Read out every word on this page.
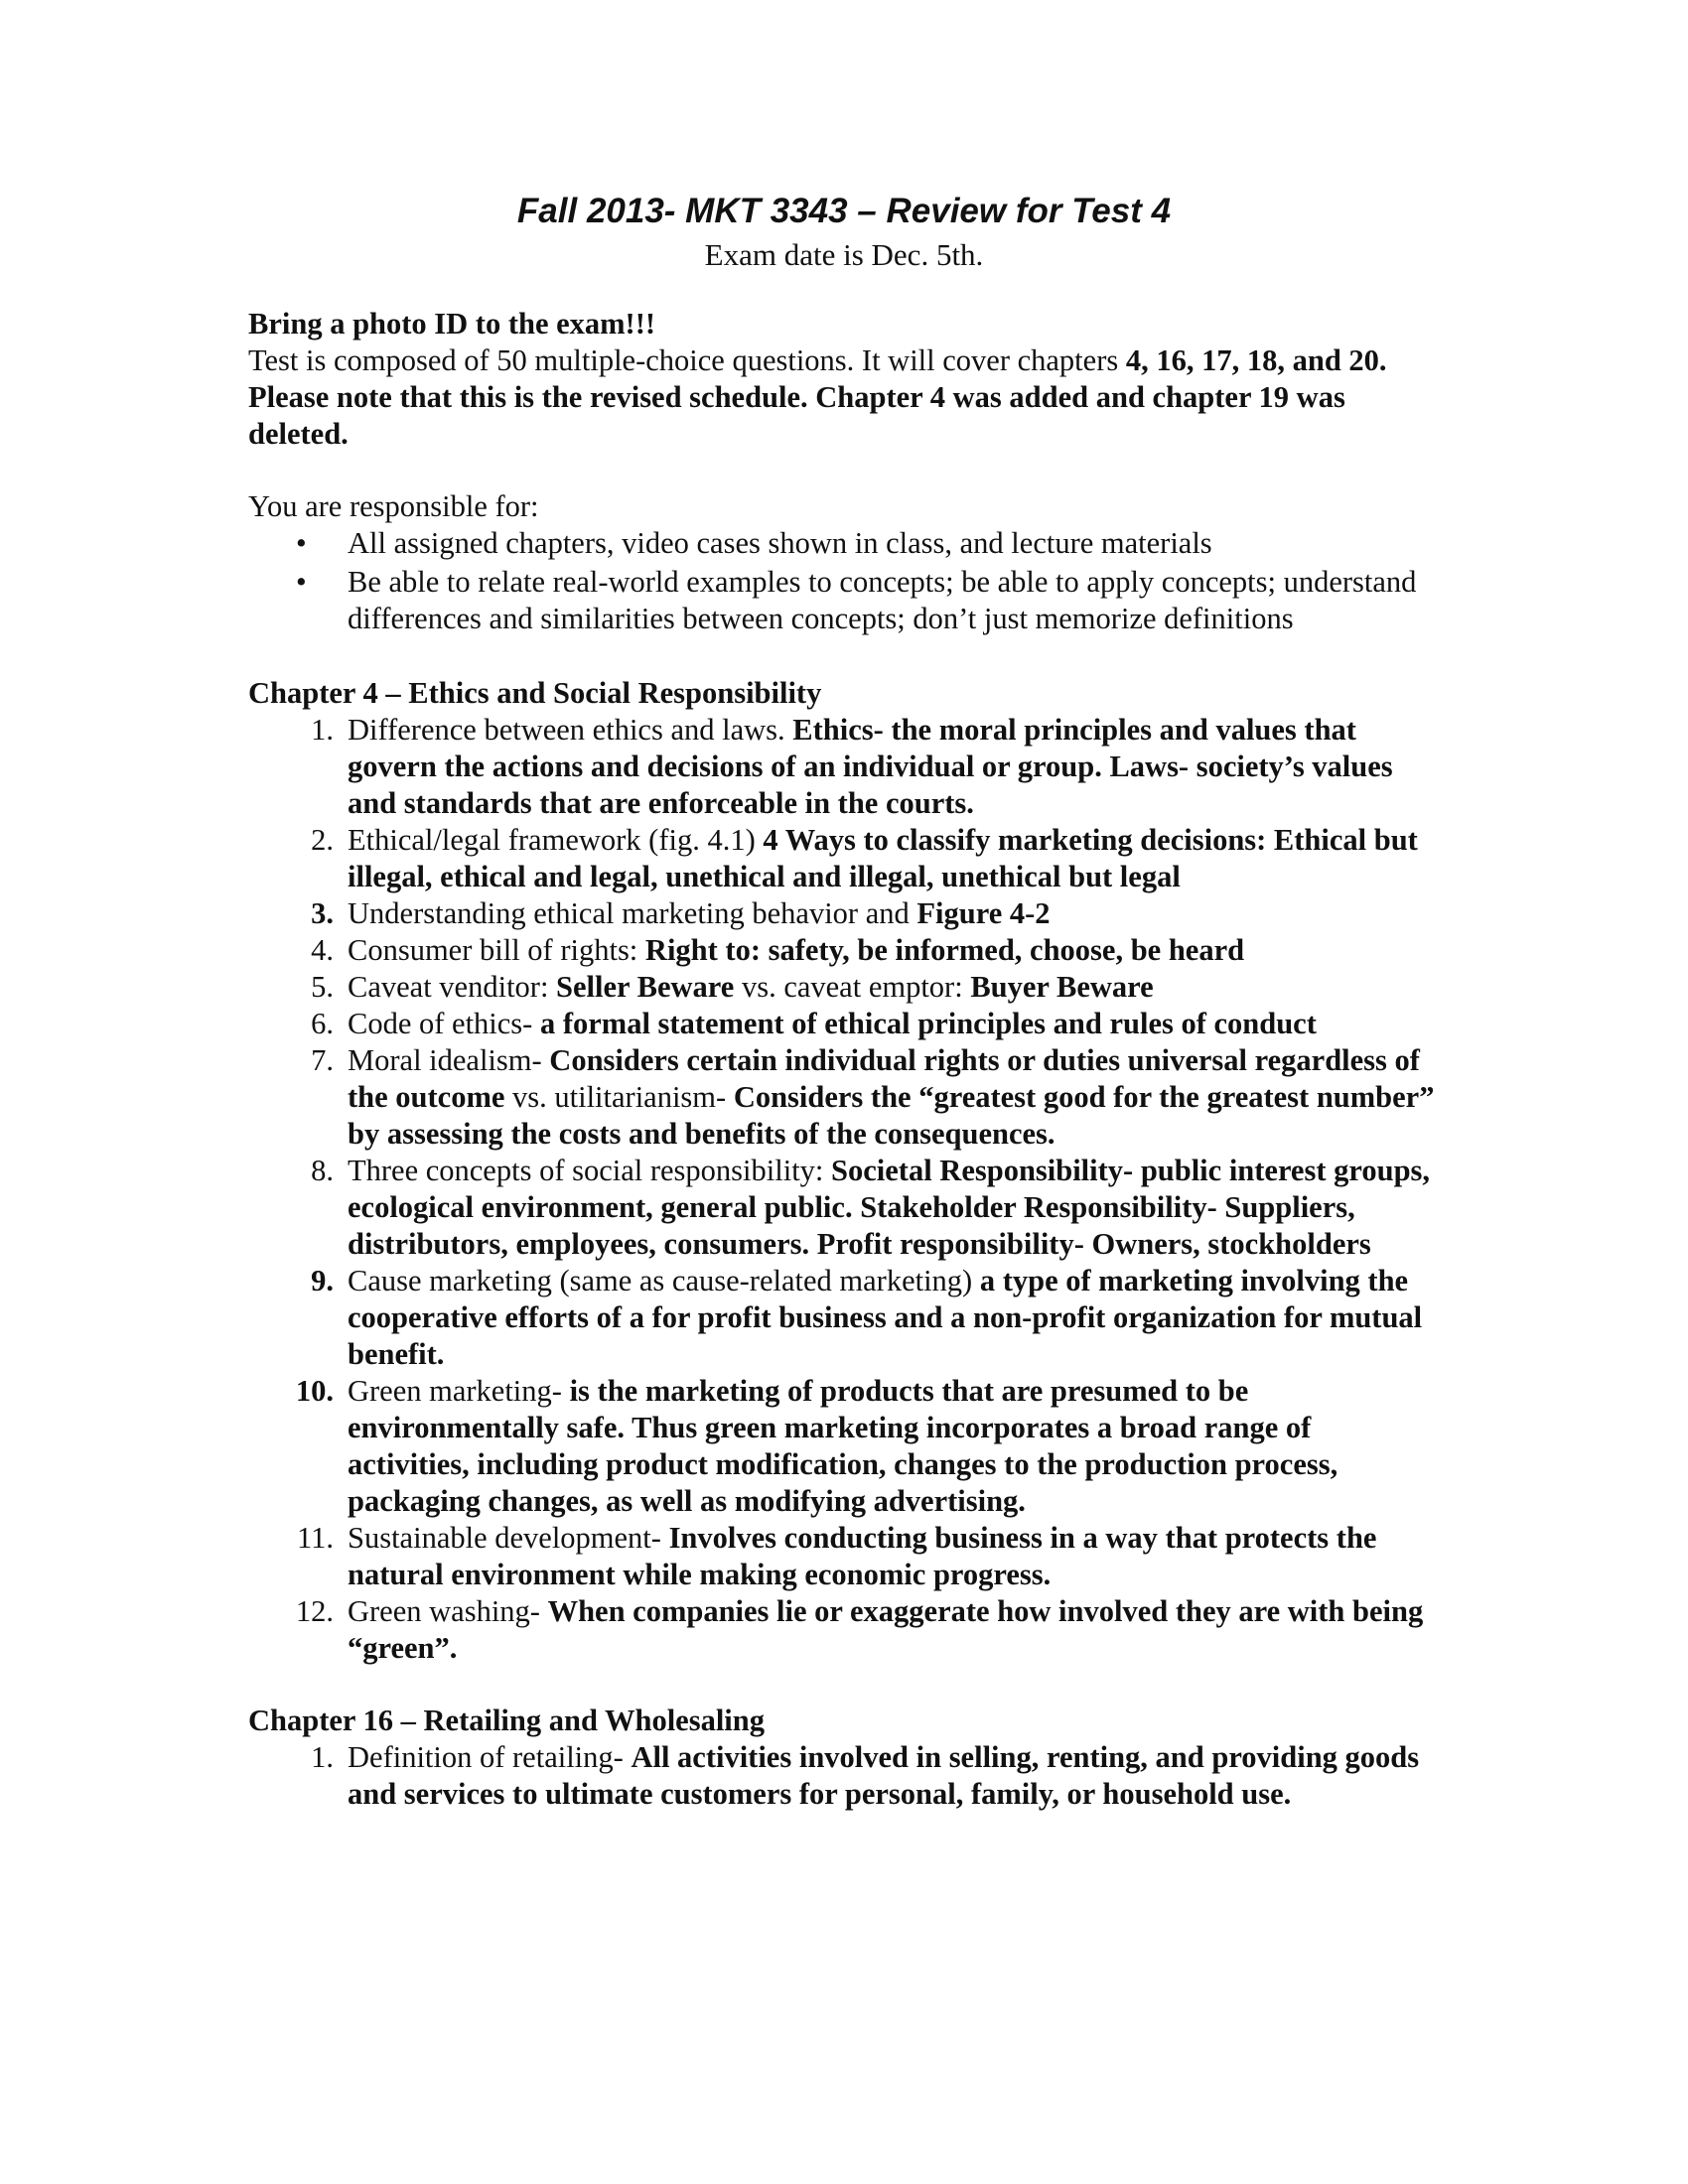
Fall 2013- MKT 3343 – Review for Test 4

Exam date is Dec. 5th.

Bring a photo ID to the exam!!!

Test is composed of 50 multiple-choice questions. It will cover chapters 4, 16, 17, 18, and 20. Please note that this is the revised schedule. Chapter 4 was added and chapter 19 was deleted.

You are responsible for:

• All assigned chapters, video cases shown in class, and lecture materials
• Be able to relate real-world examples to concepts; be able to apply concepts; understand differences and similarities between concepts; don’t just memorize definitions

Chapter 4 – Ethics and Social Responsibility

1. Difference between ethics and laws. Ethics- the moral principles and values that govern the actions and decisions of an individual or group. Laws- society’s values and standards that are enforceable in the courts.
2. Ethical/legal framework (fig. 4.1) 4 Ways to classify marketing decisions: Ethical but illegal, ethical and legal, unethical and illegal, unethical but legal
3. Understanding ethical marketing behavior and Figure 4-2
4. Consumer bill of rights: Right to: safety, be informed, choose, be heard
5. Caveat venditor: Seller Beware vs. caveat emptor: Buyer Beware
6. Code of ethics- a formal statement of ethical principles and rules of conduct
7. Moral idealism- Considers certain individual rights or duties universal regardless of the outcome vs. utilitarianism- Considers the “greatest good for the greatest number” by assessing the costs and benefits of the consequences.
8. Three concepts of social responsibility: Societal Responsibility- public interest groups, ecological environment, general public. Stakeholder Responsibility- Suppliers, distributors, employees, consumers. Profit responsibility- Owners, stockholders
9. Cause marketing (same as cause-related marketing) a type of marketing involving the cooperative efforts of a for profit business and a non-profit organization for mutual benefit.
10. Green marketing- is the marketing of products that are presumed to be environmentally safe. Thus green marketing incorporates a broad range of activities, including product modification, changes to the production process, packaging changes, as well as modifying advertising.
11. Sustainable development- Involves conducting business in a way that protects the natural environment while making economic progress.
12. Green washing- When companies lie or exaggerate how involved they are with being “green”.

Chapter 16 – Retailing and Wholesaling

1. Definition of retailing- All activities involved in selling, renting, and providing goods and services to ultimate customers for personal, family, or household use.
